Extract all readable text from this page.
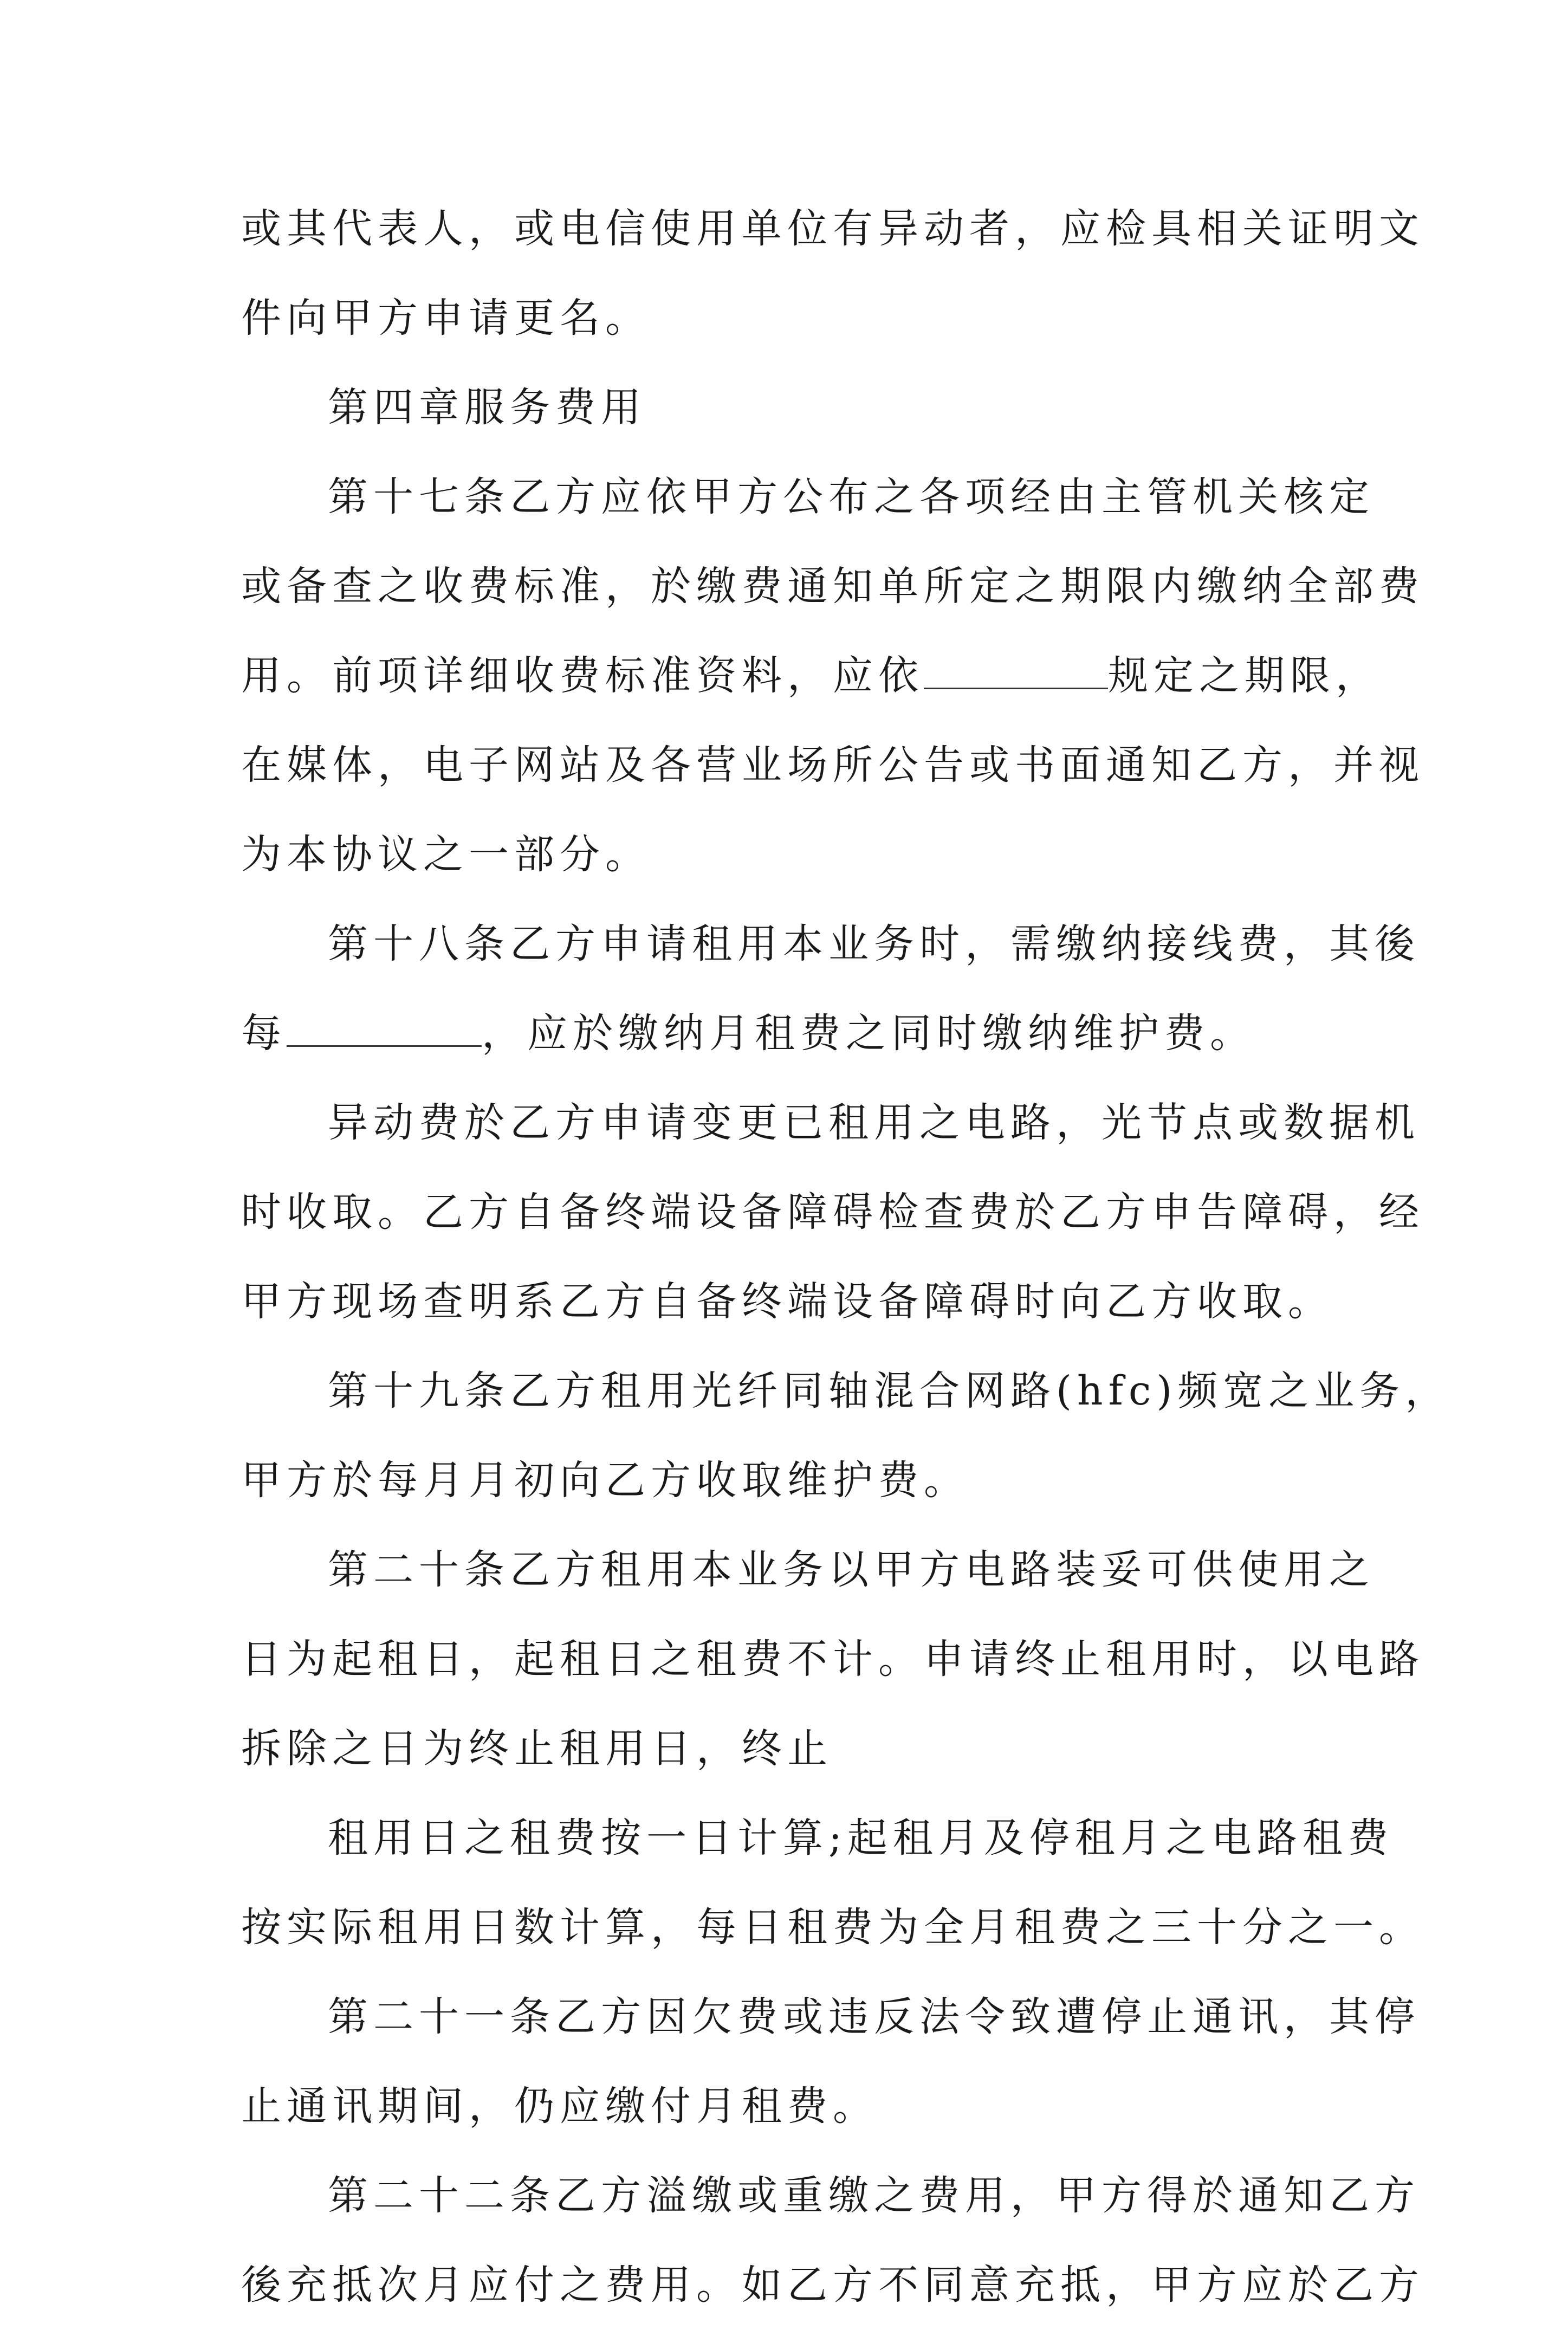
或其代表人，或电信使用单位有异动者，应检具相关证明文
件向甲方申请更名。
第四章服务费用
第十七条乙方应依甲方公布之各项经由主管机关核定
或备查之收费标准，於缴费通知单所定之期限内缴纳全部费
用。前项详细收费标准资料，应依	规定之期限，
在媒体，电子网站及各营业场所公告或书面通知乙方，并视
为本协议之一部分。
第十八条乙方申请租用本业务时，需缴纳接线费，其後
每	，应於缴纳月租费之同时缴纳维护费。
异动费於乙方申请变更已租用之电路，光节点或数据机
时收取。乙方自备终端设备障碍检查费於乙方申告障碍，经
甲方现场查明系乙方自备终端设备障碍时向乙方收取。
第十九条乙方租用光纤同轴混合网路(hfc)频宽之业务，
甲方於每月月初向乙方收取维护费。
第二十条乙方租用本业务以甲方电路装妥可供使用之
日为起租日，起租日之租费不计。申请终止租用时，以电路
拆除之日为终止租用日，终止
租用日之租费按一日计算;起租月及停租月之电路租费
按实际租用日数计算，每日租费为全月租费之三十分之一。
第二十一条乙方因欠费或违反法令致遭停止通讯，其停
止通讯期间，仍应缴付月租费。
第二十二条乙方溢缴或重缴之费用，甲方得於通知乙方
後充抵次月应付之费用。如乙方不同意充抵，甲方应於乙方
